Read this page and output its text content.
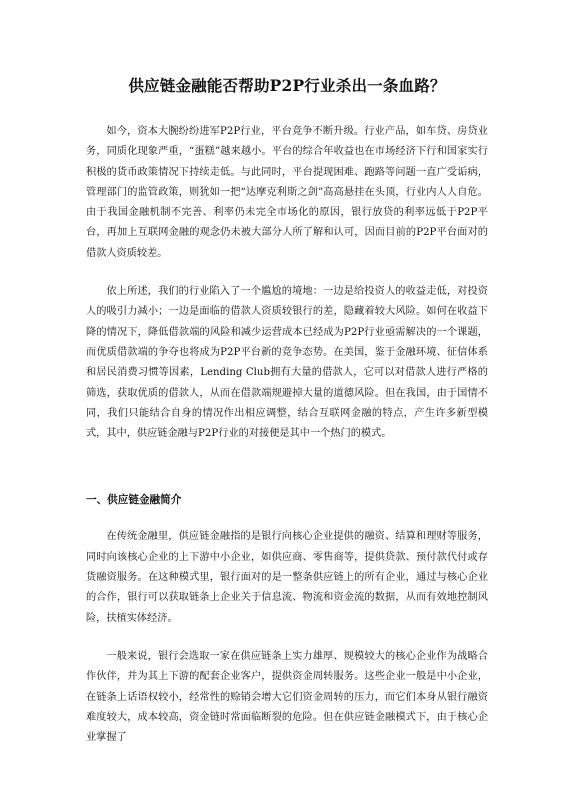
供应链金融能否帮助P2P行业杀出一条血路？

如今，资本大腕纷纷进军P2P行业，平台竞争不断升级。行业产品，如车贷、房贷业务，同质化现象严重，“蛋糕”越来越小。平台的综合年收益也在市场经济下行和国家实行积极的货币政策情况下持续走低。与此同时，平台提现困难、跑路等问题一直广受诟病，管理部门的监管政策，则犹如一把“达摩克利斯之剑”高高悬挂在头顶，行业内人人自危。由于我国金融机制不完善、利率仍未完全市场化的原因，银行放贷的利率远低于P2P平台，再加上互联网金融的观念仍未被大部分人所了解和认可，因而目前的P2P平台面对的借款人资质较差。

依上所述，我们的行业陷入了一个尴尬的境地：一边是给投资人的收益走低，对投资人的吸引力减小；一边是面临的借款人资质较银行的差，隐藏着较大风险。如何在收益下降的情况下，降低借款端的风险和减少运营成本已经成为P2P行业亟需解决的一个课题，而优质借款端的争夺也将成为P2P平台新的竞争态势。在美国，鉴于金融环境、征信体系和居民消费习惯等因素，Lending Club拥有大量的借款人，它可以对借款人进行严格的筛选，获取优质的借款人，从而在借款端规避掉大量的道德风险。但在我国，由于国情不同，我们只能结合自身的情况作出相应调整，结合互联网金融的特点，产生许多新型模式，其中，供应链金融与P2P行业的对接便是其中一个热门的模式。

一、供应链金融简介

在传统金融里，供应链金融指的是银行向核心企业提供的融资、结算和理财等服务，同时向该核心企业的上下游中小企业，如供应商、零售商等，提供贷款、预付款代付或存货融资服务。在这种模式里，银行面对的是一整条供应链上的所有企业，通过与核心企业的合作，银行可以获取链条上企业关于信息流、物流和资金流的数据，从而有效地控制风险，扶植实体经济。

一般来说，银行会选取一家在供应链条上实力雄厚、规模较大的核心企业作为战略合作伙伴，并为其上下游的配套企业客户，提供资金周转服务。这些企业一般是中小企业，在链条上话语权较小，经常性的赊销会增大它们资金周转的压力，而它们本身从银行融资难度较大，成本较高，资金链时常面临断裂的危险。但在供应链金融模式下，由于核心企业掌握了
